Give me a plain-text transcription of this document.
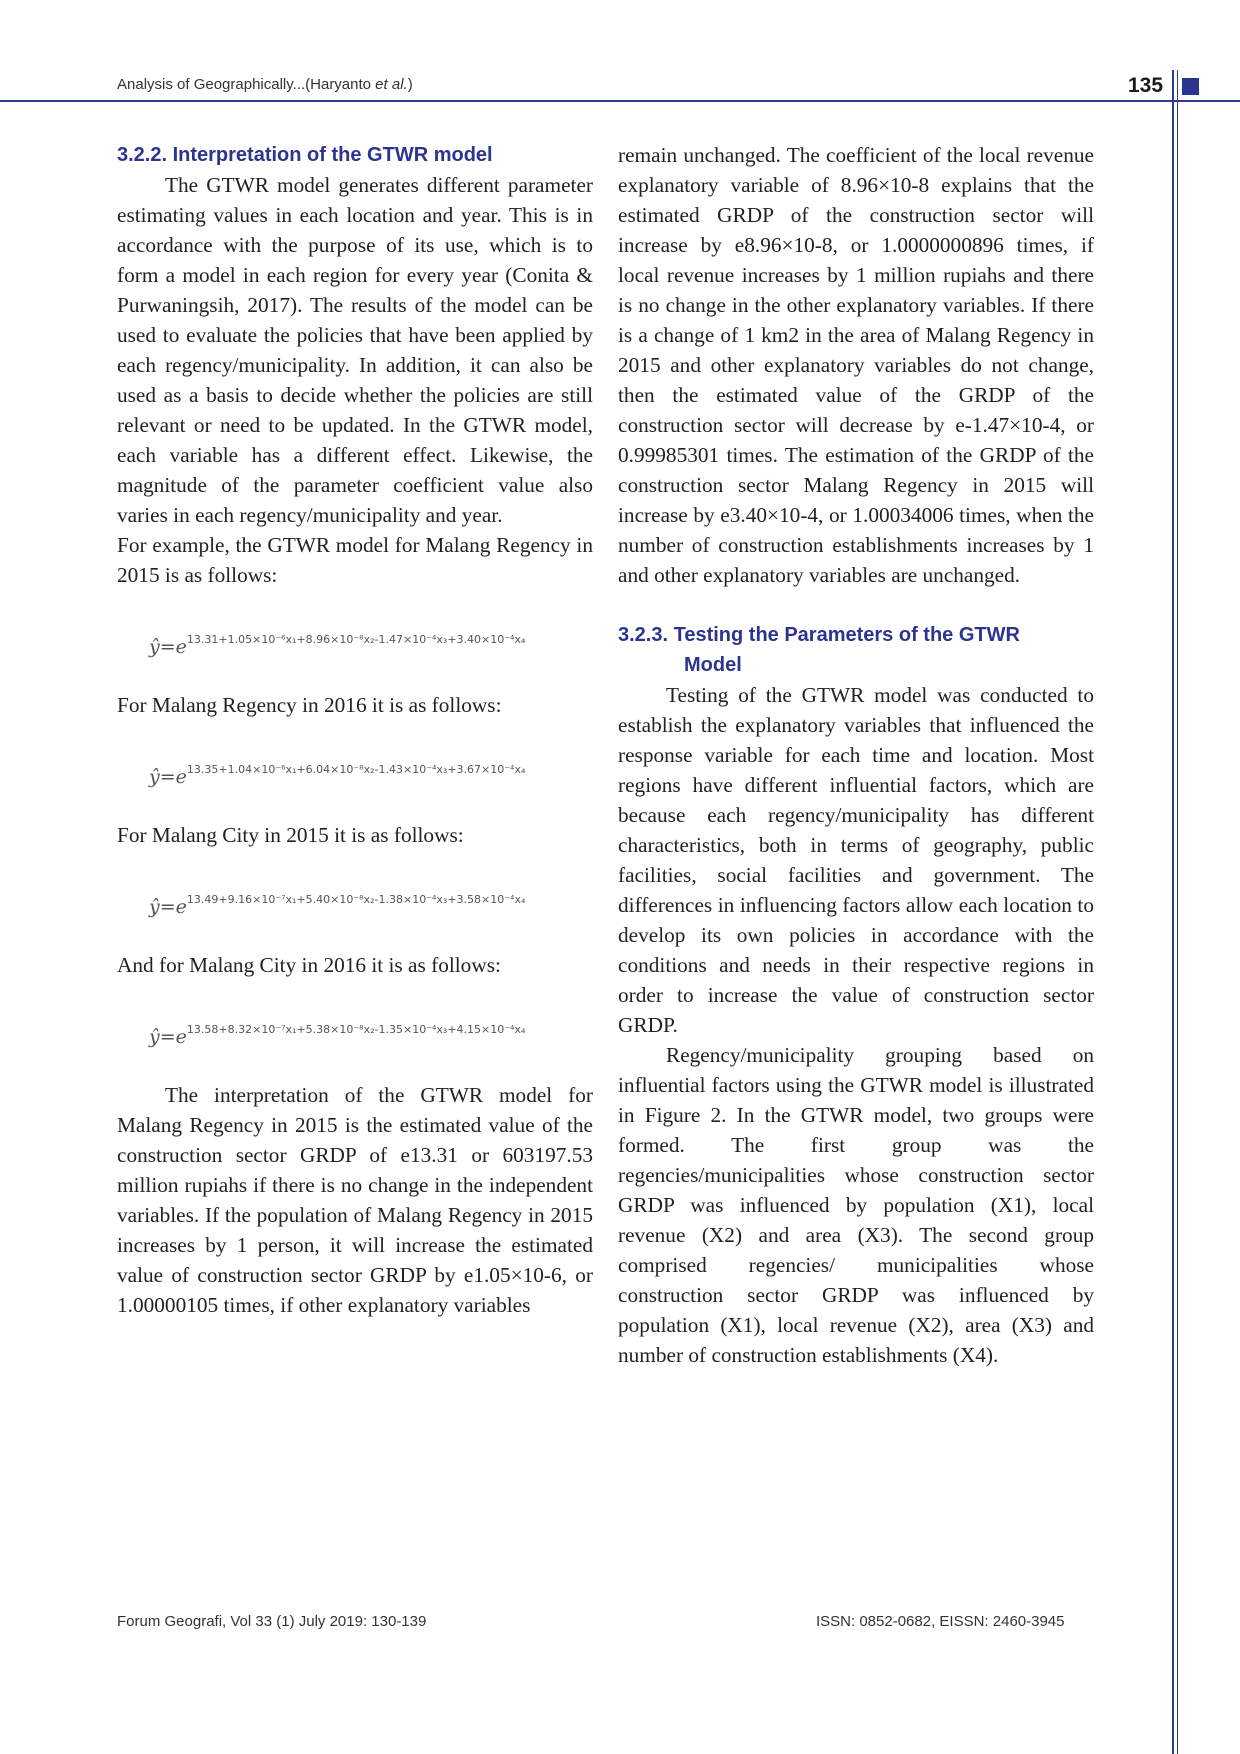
Analysis of Geographically...(Haryanto et al.)	135

3.2.2. Interpretation of the GTWR model

The GTWR model generates different parameter estimating values in each location and year. This is in accordance with the purpose of its use, which is to form a model in each region for every year (Conita & Purwaningsih, 2017). The results of the model can be used to evaluate the policies that have been applied by each regency/municipality. In addition, it can also be used as a basis to decide whether the policies are still relevant or need to be updated. In the GTWR model, each variable has a different effect. Likewise, the magnitude of the parameter coefficient value also varies in each regency/municipality and year.

For example, the GTWR model for Malang Regency in 2015 is as follows:

$ŷ=e^{13.31+1.05\times 10^{-6}x_1+8.96\times 10^{-8}x_2-1.47\times 10^{-4}x_3+3.40\times 10^{-4}x_4}$

For Malang Regency in 2016 it is as follows:

$ŷ=e^{13.35+1.04\times 10^{-6}x_1+6.04\times 10^{-8}x_2-1.43\times 10^{-4}x_3+3.67\times 10^{-4}x_4}$

For Malang City in 2015 it is as follows:

$ŷ=e^{13.49+9.16\times 10^{-7}x_1+5.40\times 10^{-8}x_2-1.38\times 10^{-4}x_3+3.58\times 10^{-4}x_4}$

And for Malang City in 2016 it is as follows:

$ŷ=e^{13.58+8.32\times 10^{-7}x_1+5.38\times 10^{-8}x_2-1.35\times 10^{-4}x_3+4.15\times 10^{-4}x_4}$

The interpretation of the GTWR model for Malang Regency in 2015 is the estimated value of the construction sector GRDP of e13.31 or 603197.53 million rupiahs if there is no change in the independent variables. If the population of Malang Regency in 2015 increases by 1 person, it will increase the estimated value of construction sector GRDP by e1.05×10-6, or 1.00000105 times, if other explanatory variables

remain unchanged. The coefficient of the local revenue explanatory variable of 8.96×10-8 explains that the estimated GRDP of the construction sector will increase by e8.96×10-8, or 1.0000000896 times, if local revenue increases by 1 million rupiahs and there is no change in the other explanatory variables. If there is a change of 1 km2 in the area of Malang Regency in 2015 and other explanatory variables do not change, then the estimated value of the GRDP of the construction sector will decrease by e-1.47×10-4, or 0.99985301 times. The estimation of the GRDP of the construction sector Malang Regency in 2015 will increase by e3.40×10-4, or 1.00034006 times, when the number of construction establishments increases by 1 and other explanatory variables are unchanged.

3.2.3. Testing the Parameters of the GTWR

Model

Testing of the GTWR model was conducted to establish the explanatory variables that influenced the response variable for each time and location. Most regions have different influential factors, which are because each regency/municipality has different characteristics, both in terms of geography, public facilities, social facilities and government. The differences in influencing factors allow each location to develop its own policies in accordance with the conditions and needs in their respective regions in order to increase the value of construction sector GRDP.

Regency/municipality grouping based on influential factors using the GTWR model is illustrated in Figure 2. In the GTWR model, two groups were formed. The first group was the regencies/municipalities whose construction sector GRDP was influenced by population (X1), local revenue (X2) and area (X3). The second group comprised regencies/ municipalities whose construction sector GRDP was influenced by population (X1), local revenue (X2), area (X3) and number of construction establishments (X4).

Forum Geografi, Vol 33 (1) July 2019: 130-139	ISSN: 0852-0682, EISSN: 2460-3945
